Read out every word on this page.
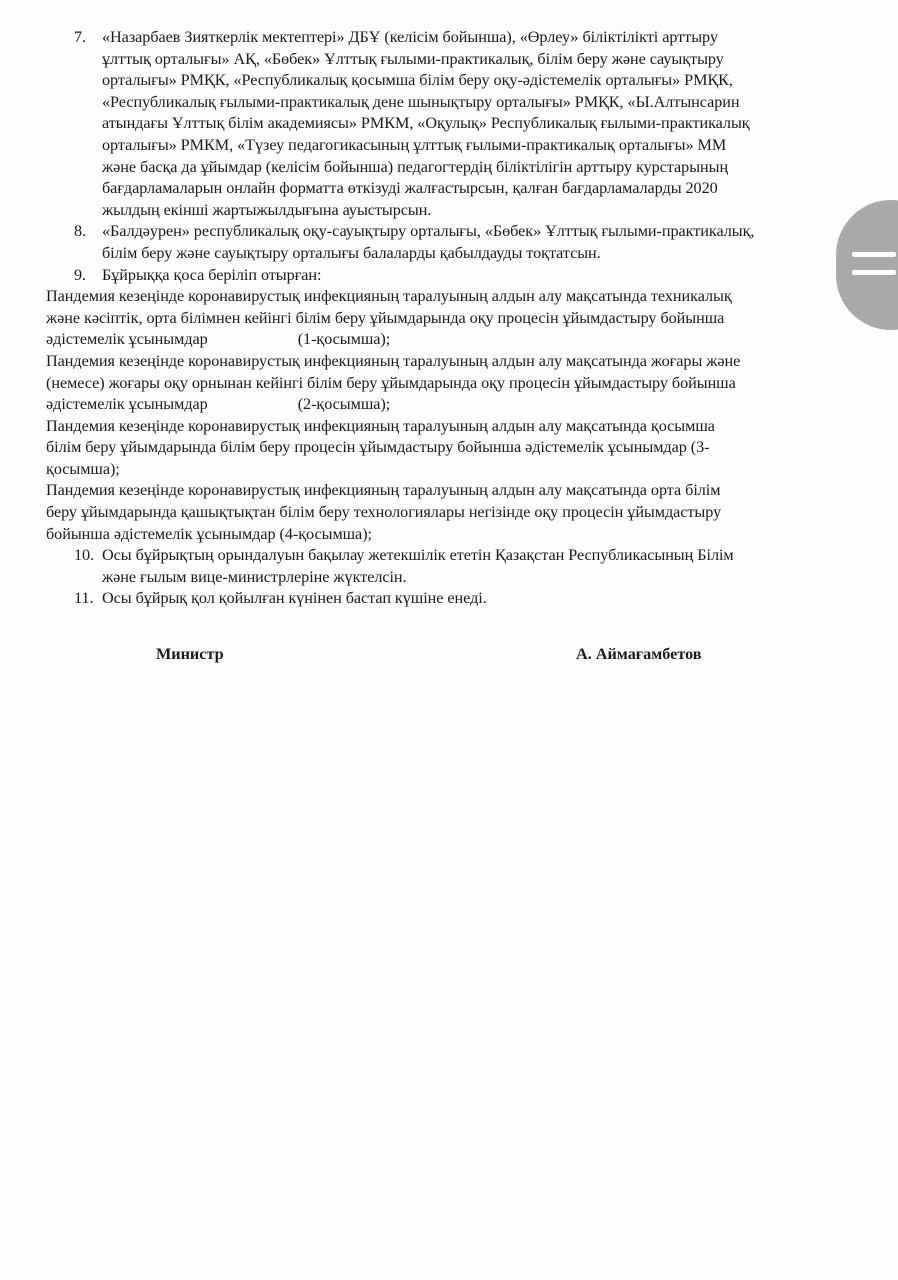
7. «Назарбаев Зияткерлік мектептері» ДБҰ (келісім бойынша), «Өрлеу» біліктілікті арттыру
ұлттық орталығы» АҚ, «Бөбек» Ұлттық ғылыми-практикалық, білім беру және сауықтыру
орталығы» РМҚК, «Республикалық қосымша білім беру оқу-әдістемелік орталығы» РМҚК,
«Республикалық ғылыми-практикалық дене шынықтыру орталығы» РМҚК, «Ы.Алтынсарин
атындағы Ұлттық білім академиясы» РМКМ, «Оқулық» Республикалық ғылыми-практикалық
орталығы» РМКМ, «Түзеу педагогикасының ұлттық ғылыми-практикалық орталығы» ММ
және басқа да ұйымдар (келісім бойынша) педагогтердің біліктілігін арттыру курстарының
бағдарламаларын онлайн форматта өткізуді жалғастырсын, қалған бағдарламаларды 2020
жылдың екінші жартыжылдығына ауыстырсын.
8. «Балдәурен» республикалық оқу-сауықтыру орталығы, «Бөбек» Ұлттық ғылыми-практикалық,
білім беру және сауықтыру орталығы балаларды қабылдауды тоқтатсын.
9. Бұйрыққа қоса беріліп отырған:
Пандемия кезеңінде коронавирустық инфекцияның таралуының алдын алу мақсатында техникалық
және кәсіптік, орта білімнен кейінгі білім беру ұйымдарында оқу процесін ұйымдастыру бойынша
әдістемелік ұсынымдар	(1-қосымша);
Пандемия кезеңінде коронавирустық инфекцияның таралуының алдын алу мақсатында жоғары және
(немесе) жоғары оқу орнынан кейінгі білім беру ұйымдарында оқу процесін ұйымдастыру бойынша
әдістемелік ұсынымдар	(2-қосымша);
Пандемия кезеңінде коронавирустық инфекцияның таралуының алдын алу мақсатында қосымша
білім беру ұйымдарында білім беру процесін ұйымдастыру бойынша әдістемелік ұсынымдар (3-
қосымша);
Пандемия кезеңінде коронавирустық инфекцияның таралуының алдын алу мақсатында орта білім
беру ұйымдарында қашықтықтан білім беру технологиялары негізінде оқу процесін ұйымдастыру
бойынша әдістемелік ұсынымдар (4-қосымша);
10. Осы бұйрықтың орындалуын бақылау жетекшілік ететін Қазақстан Республикасының Білім
және ғылым вице-министрлеріне жүктелсін.
11. Осы бұйрық қол қойылған күнінен бастап күшіне енеді.
Министр	А. Аймағамбетов
